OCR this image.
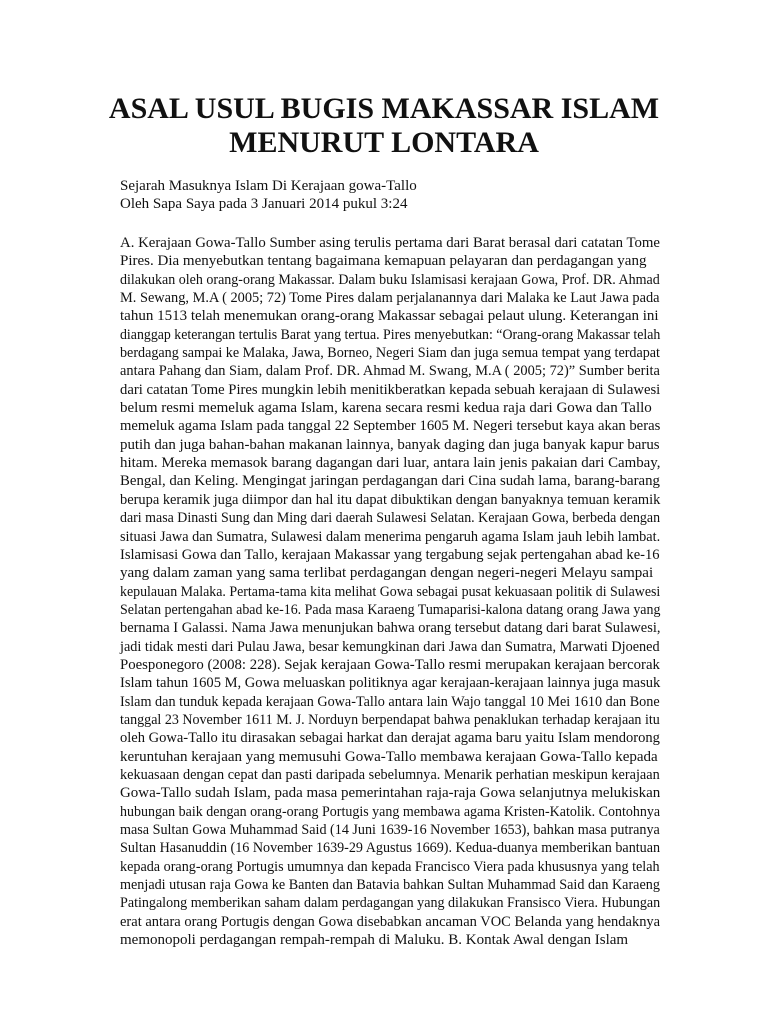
ASAL USUL BUGIS MAKASSAR ISLAM
MENURUT LONTARA
Sejarah Masuknya Islam Di Kerajaan gowa-Tallo
Oleh Sapa Saya pada 3 Januari 2014 pukul 3:24
A. Kerajaan Gowa-Tallo Sumber asing terulis pertama dari Barat berasal dari catatan Tome
Pires. Dia menyebutkan tentang bagaimana kemapuan pelayaran dan perdagangan yang
dilakukan oleh orang-orang Makassar. Dalam buku Islamisasi kerajaan Gowa, Prof. DR. Ahmad
M. Sewang, M.A ( 2005; 72) Tome Pires dalam perjalanannya dari Malaka ke Laut Jawa pada
tahun 1513 telah menemukan orang-orang Makassar sebagai pelaut ulung. Keterangan ini
dianggap keterangan tertulis Barat yang tertua. Pires menyebutkan: “Orang-orang Makassar telah
berdagang sampai ke Malaka, Jawa, Borneo, Negeri Siam dan juga semua tempat yang terdapat
antara Pahang dan Siam, dalam Prof. DR. Ahmad M. Swang, M.A ( 2005; 72)” Sumber berita
dari catatan Tome Pires mungkin lebih menitikberatkan kepada sebuah kerajaan di Sulawesi
belum resmi memeluk agama Islam, karena secara resmi kedua raja dari Gowa dan Tallo
memeluk agama Islam pada tanggal 22 September 1605 M. Negeri tersebut kaya akan beras
putih dan juga bahan-bahan makanan lainnya, banyak daging dan juga banyak kapur barus
hitam. Mereka memasok barang dagangan dari luar, antara lain jenis pakaian dari Cambay,
Bengal, dan Keling. Mengingat jaringan perdagangan dari Cina sudah lama, barang-barang
berupa keramik juga diimpor dan hal itu dapat dibuktikan dengan banyaknya temuan keramik
dari masa Dinasti Sung dan Ming dari daerah Sulawesi Selatan. Kerajaan Gowa, berbeda dengan
situasi Jawa dan Sumatra, Sulawesi dalam menerima pengaruh agama Islam jauh lebih lambat.
Islamisasi Gowa dan Tallo, kerajaan Makassar yang tergabung sejak pertengahan abad ke-16
yang dalam zaman yang sama terlibat perdagangan dengan negeri-negeri Melayu sampai
kepulauan Malaka. Pertama-tama kita melihat Gowa sebagai pusat kekuasaan politik di Sulawesi
Selatan pertengahan abad ke-16. Pada masa Karaeng Tumaparisi-kalona datang orang Jawa yang
bernama I Galassi. Nama Jawa menunjukan bahwa orang tersebut datang dari barat Sulawesi,
jadi tidak mesti dari Pulau Jawa, besar kemungkinan dari Jawa dan Sumatra, Marwati Djoened
Poesponegoro (2008: 228). Sejak kerajaan Gowa-Tallo resmi merupakan kerajaan bercorak
Islam tahun 1605 M, Gowa meluaskan politiknya agar kerajaan-kerajaan lainnya juga masuk
Islam dan tunduk kepada kerajaan Gowa-Tallo antara lain Wajo tanggal 10 Mei 1610 dan Bone
tanggal 23 November 1611 M. J. Norduyn berpendapat bahwa penaklukan terhadap kerajaan itu
oleh Gowa-Tallo itu dirasakan sebagai harkat dan derajat agama baru yaitu Islam mendorong
keruntuhan kerajaan yang memusuhi Gowa-Tallo membawa kerajaan Gowa-Tallo kepada
kekuasaan dengan cepat dan pasti daripada sebelumnya. Menarik perhatian meskipun kerajaan
Gowa-Tallo sudah Islam, pada masa pemerintahan raja-raja Gowa selanjutnya melukiskan
hubungan baik dengan orang-orang Portugis yang membawa agama Kristen-Katolik. Contohnya
masa Sultan Gowa Muhammad Said (14 Juni 1639-16 November 1653), bahkan masa putranya
Sultan Hasanuddin (16 November 1639-29 Agustus 1669). Kedua-duanya memberikan bantuan
kepada orang-orang Portugis umumnya dan kepada Francisco Viera pada khususnya yang telah
menjadi utusan raja Gowa ke Banten dan Batavia bahkan Sultan Muhammad Said dan Karaeng
Patingalong memberikan saham dalam perdagangan yang dilakukan Fransisco Viera. Hubungan
erat antara orang Portugis dengan Gowa disebabkan ancaman VOC Belanda yang hendaknya
memonopoli perdagangan rempah-rempah di Maluku. B. Kontak Awal dengan Islam
